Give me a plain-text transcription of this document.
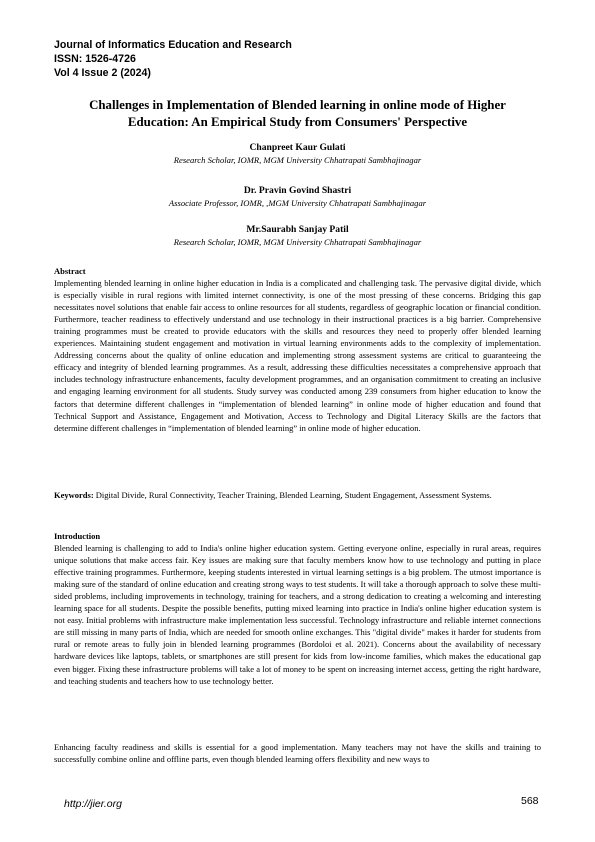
Journal of Informatics Education and Research
ISSN: 1526-4726
Vol 4 Issue 2 (2024)
Challenges in Implementation of Blended learning in online mode of Higher Education: An Empirical Study from Consumers' Perspective
Chanpreet Kaur Gulati
Research Scholar, IOMR, MGM University Chhatrapati Sambhajinagar
Dr. Pravin Govind Shastri
Associate Professor, IOMR, ,MGM University Chhatrapati Sambhajinagar
Mr.Saurabh Sanjay Patil
Research Scholar, IOMR, MGM University Chhatrapati Sambhajinagar
Abstract
Implementing blended learning in online higher education in India is a complicated and challenging task. The pervasive digital divide, which is especially visible in rural regions with limited internet connectivity, is one of the most pressing of these concerns. Bridging this gap necessitates novel solutions that enable fair access to online resources for all students, regardless of geographic location or financial condition. Furthermore, teacher readiness to effectively understand and use technology in their instructional practices is a big barrier. Comprehensive training programmes must be created to provide educators with the skills and resources they need to properly offer blended learning experiences. Maintaining student engagement and motivation in virtual learning environments adds to the complexity of implementation. Addressing concerns about the quality of online education and implementing strong assessment systems are critical to guaranteeing the efficacy and integrity of blended learning programmes. As a result, addressing these difficulties necessitates a comprehensive approach that includes technology infrastructure enhancements, faculty development programmes, and an organisation commitment to creating an inclusive and engaging learning environment for all students. Study survey was conducted among 239 consumers from higher education to know the factors that determine different challenges in “implementation of blended learning” in online mode of higher education and found that Technical Support and Assistance, Engagement and Motivation, Access to Technology and Digital Literacy Skills are the factors that determine different challenges in “implementation of blended learning” in online mode of higher education.
Keywords: Digital Divide, Rural Connectivity, Teacher Training, Blended Learning, Student Engagement, Assessment Systems.
Introduction
Blended learning is challenging to add to India's online higher education system. Getting everyone online, especially in rural areas, requires unique solutions that make access fair. Key issues are making sure that faculty members know how to use technology and putting in place effective training programmes. Furthermore, keeping students interested in virtual learning settings is a big problem. The utmost importance is making sure of the standard of online education and creating strong ways to test students. It will take a thorough approach to solve these multi-sided problems, including improvements in technology, training for teachers, and a strong dedication to creating a welcoming and interesting learning space for all students. Despite the possible benefits, putting mixed learning into practice in India's online higher education system is not easy. Initial problems with infrastructure make implementation less successful. Technology infrastructure and reliable internet connections are still missing in many parts of India, which are needed for smooth online exchanges. This "digital divide" makes it harder for students from rural or remote areas to fully join in blended learning programmes (Bordoloi et al. 2021). Concerns about the availability of necessary hardware devices like laptops, tablets, or smartphones are still present for kids from low-income families, which makes the educational gap even bigger. Fixing these infrastructure problems will take a lot of money to be spent on increasing internet access, getting the right hardware, and teaching students and teachers how to use technology better.
Enhancing faculty readiness and skills is essential for a good implementation. Many teachers may not have the skills and training to successfully combine online and offline parts, even though blended learning offers flexibility and new ways to
http://jier.org	568
